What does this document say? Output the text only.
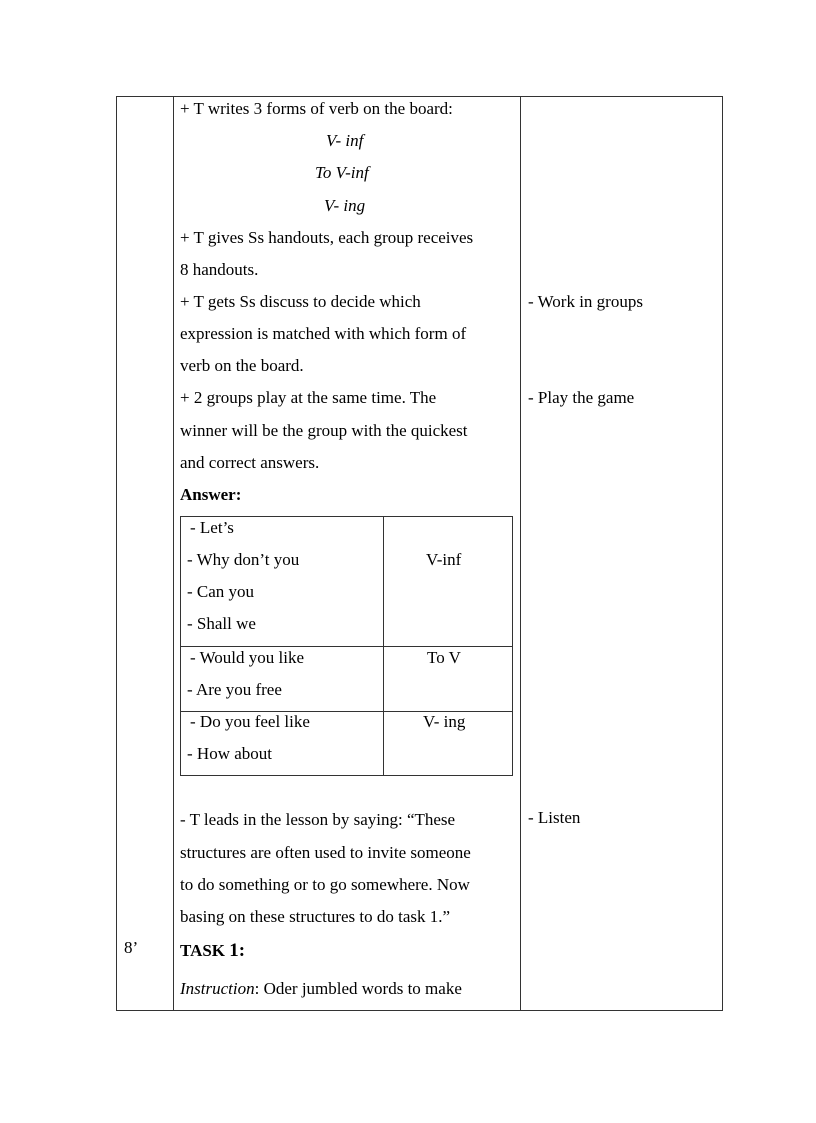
8’
+ T writes 3 forms of verb on the board:
V- inf
To V-inf
V- ing
+ T gives Ss handouts, each group receives
8 handouts.
+ T gets Ss discuss to decide which
expression is matched with which form of
verb on the board.
+ 2 groups play at the same time. The
winner will be the group with the quickest
and correct answers.
Answer:
- Let’s
- Why don’t you
- Can you
- Shall we
V-inf
- Would you like
- Are you free
To V
- Do you feel like
- How about
V- ing
- T leads in the lesson by saying: “These
structures are often used to invite someone
to do something or to go somewhere. Now
basing on these structures to do task 1.”
TASK 1:
Instruction: Oder jumbled words to make
- Work in groups
- Play the game
- Listen
